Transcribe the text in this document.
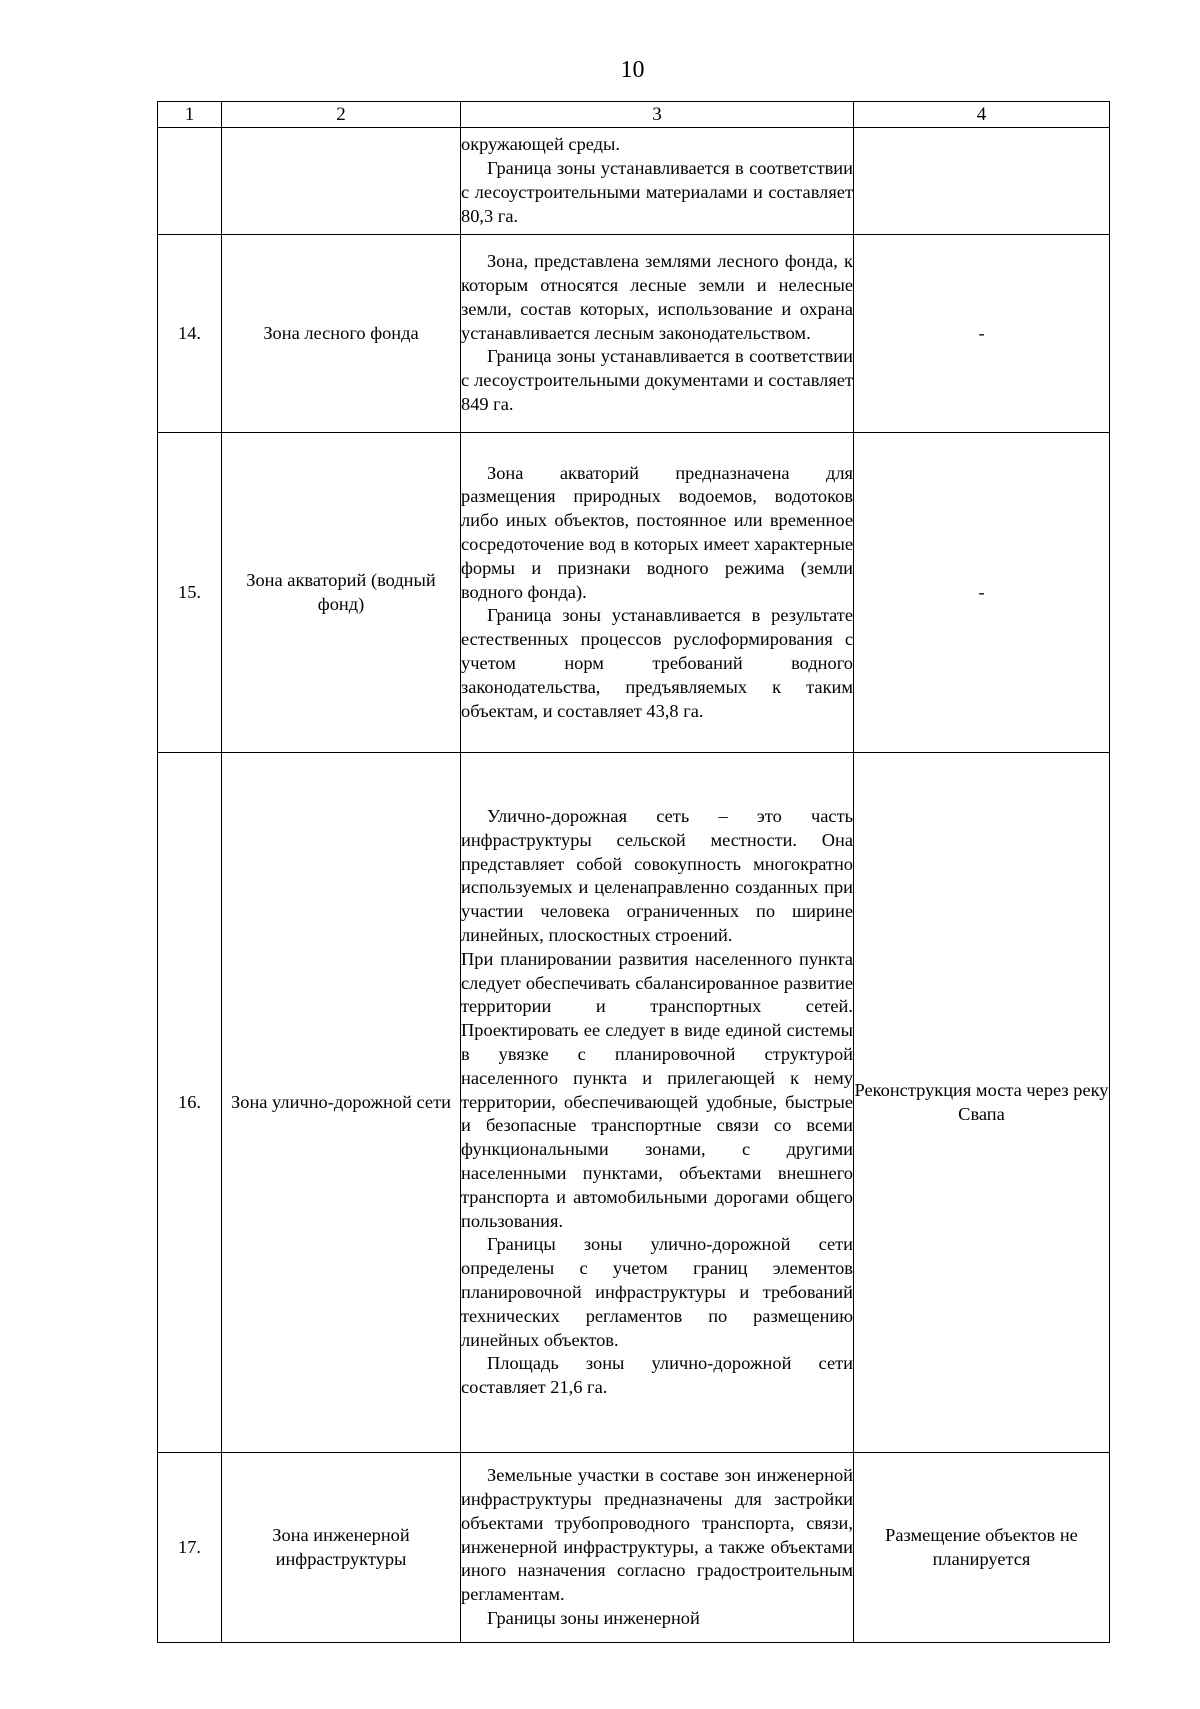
10
1	2	3	4

		окружающей среды.

Граница зоны устанавливается в соответствии с лесоустроительными материалами и составляет 80,3 га.	

14.	Зона лесного фонда	Зона, представлена землями лесного фонда, к которым относятся лесные земли и нелесные земли, состав которых, использование и охрана устанавливается лесным законодательством.

Граница зоны устанавливается в соответствии с лесоустроительными документами и составляет 849 га.	-
15.	Зона акваторий (водный фонд)	Зона акваторий предназначена для размещения природных водоемов, водотоков либо иных объектов, постоянное или временное сосредоточение вод в которых имеет характерные формы и признаки водного режима (земли водного фонда).

Граница зоны устанавливается в результате естественных процессов руслоформирования с учетом норм требований водного законодательства, предъявляемых к таким объектам, и составляет 43,8 га.	-
16.	Зона улично-дорожной сети	Улично-дорожная сеть – это часть инфраструктуры сельской местности. Она представляет собой совокупность многократно используемых и целенаправленно созданных при участии человека ограниченных по ширине линейных, плоскостных строений.

При планировании развития населенного пункта следует обеспечивать сбалансированное развитие территории и транспортных сетей. Проектировать ее следует в виде единой системы в увязке с планировочной структурой населенного пункта и прилегающей к нему территории, обеспечивающей удобные, быстрые и безопасные транспортные связи со всеми функциональными зонами, с другими населенными пунктами, объектами внешнего транспорта и автомобильными дорогами общего пользования.

Границы зоны улично-дорожной сети определены с учетом границ элементов планировочной инфраструктуры и требований технических регламентов по размещению линейных объектов.

Площадь зоны улично-дорожной сети составляет 21,6 га.	Реконструкция моста через реку Свапа
17.	Зона инженерной инфраструктуры	Земельные участки в составе зон инженерной инфраструктуры предназначены для застройки объектами трубопроводного транспорта, связи, инженерной инфраструктуры, а также объектами иного назначения согласно градостроительным регламентам.

Границы зоны инженерной	Размещение объектов не планируется
